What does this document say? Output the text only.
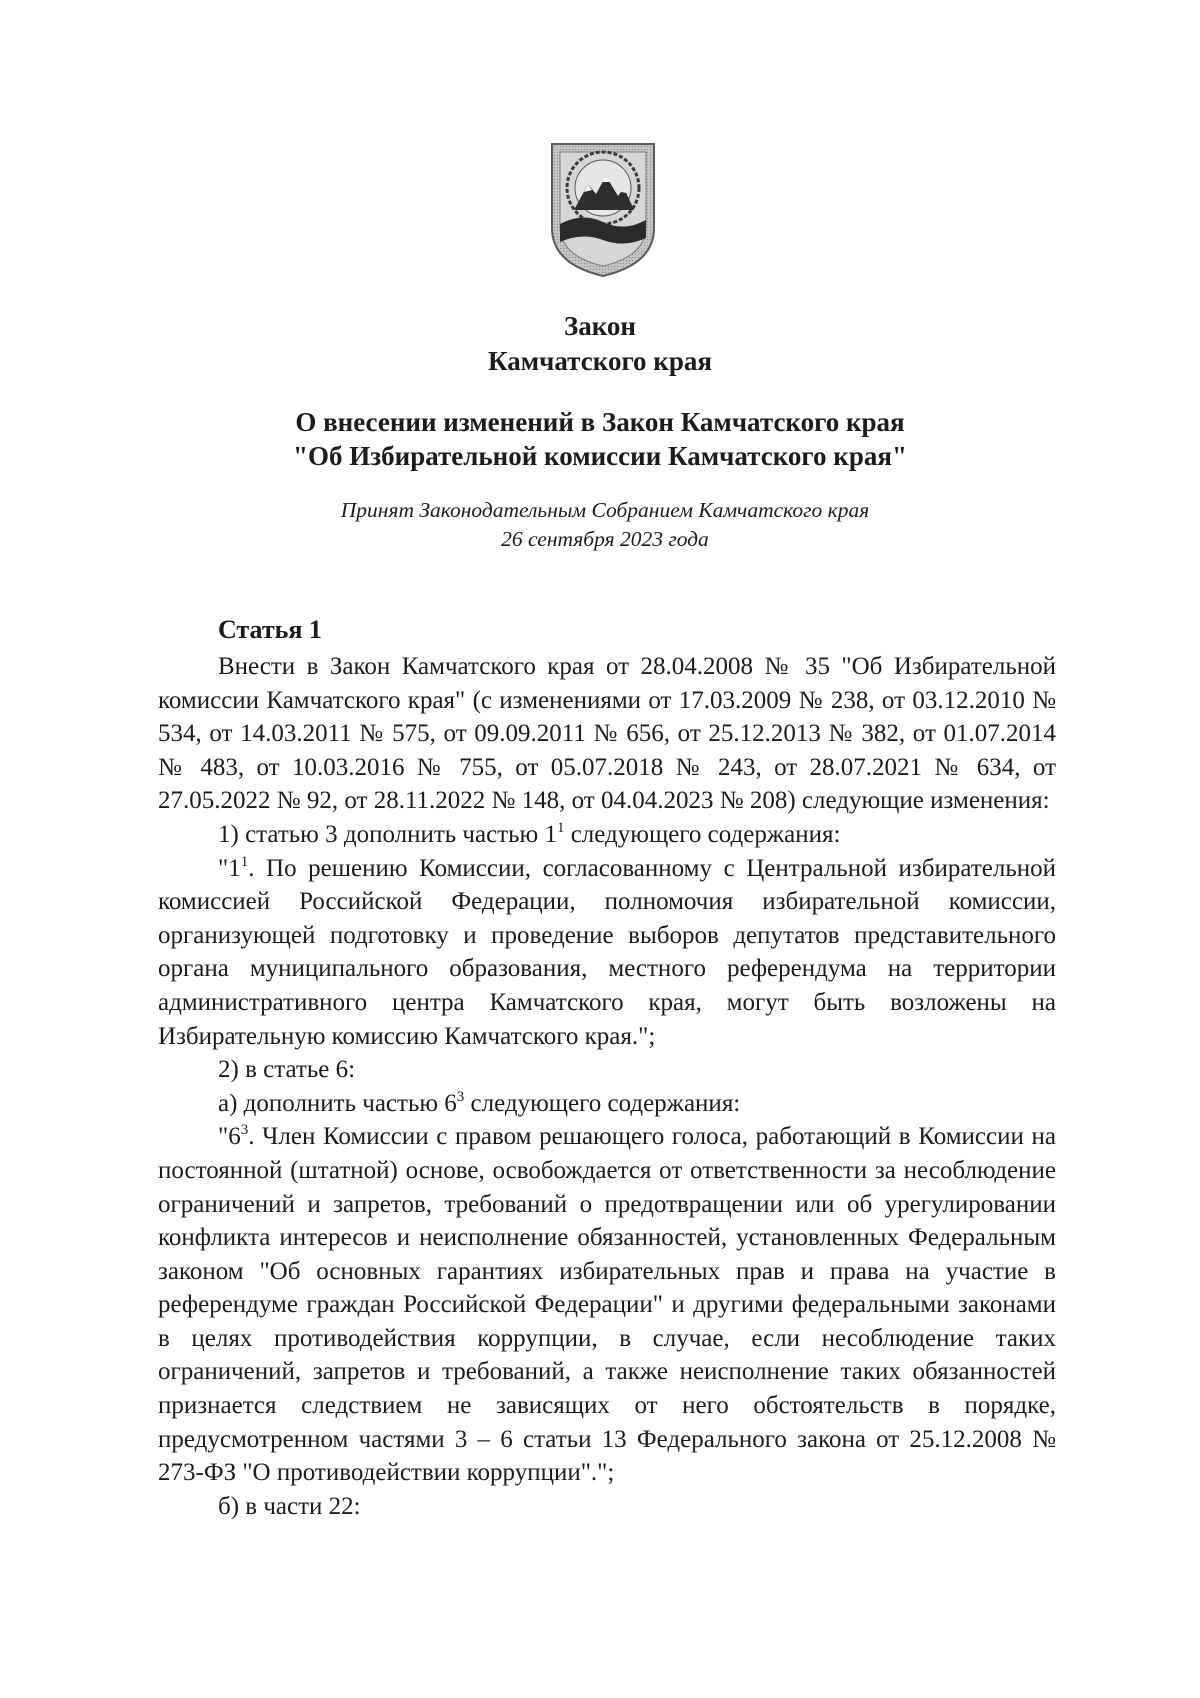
Закон
Камчатского края
О внесении изменений в Закон Камчатского края
"Об Избирательной комиссии Камчатского края"
Принят Законодательным Собранием Камчатского края
26 сентября 2023 года
Статья 1

Внести в Закон Камчатского края от 28.04.2008 № 35 "Об Избирательной комиссии Камчатского края" (с изменениями от 17.03.2009 № 238, от 03.12.2010 № 534, от 14.03.2011 № 575, от 09.09.2011 № 656, от 25.12.2013 № 382, от 01.07.2014 № 483, от 10.03.2016 № 755, от 05.07.2018 № 243, от 28.07.2021 № 634, от 27.05.2022 № 92, от 28.11.2022 № 148, от 04.04.2023 № 208) следующие изменения:

1) статью 3 дополнить частью $1^1$ следующего содержания:

"$1^1$. По решению Комиссии, согласованному с Центральной избирательной комиссией Российской Федерации, полномочия избирательной комиссии, организующей подготовку и проведение выборов депутатов представительного органа муниципального образования, местного референдума на территории административного центра Камчатского края, могут быть возложены на Избирательную комиссию Камчатского края.";

2) в статье 6:

а) дополнить частью $6^3$ следующего содержания:

"$6^3$. Член Комиссии с правом решающего голоса, работающий в Комиссии на постоянной (штатной) основе, освобождается от ответственности за несоблюдение ограничений и запретов, требований о предотвращении или об урегулировании конфликта интересов и неисполнение обязанностей, установленных Федеральным законом "Об основных гарантиях избирательных прав и права на участие в референдуме граждан Российской Федерации" и другими федеральными законами в целях противодействия коррупции, в случае, если несоблюдение таких ограничений, запретов и требований, а также неисполнение таких обязанностей признается следствием не зависящих от него обстоятельств в порядке, предусмотренном частями 3 – 6 статьи 13 Федерального закона от 25.12.2008 № 273-ФЗ "О противодействии коррупции".";

б) в части 22:
